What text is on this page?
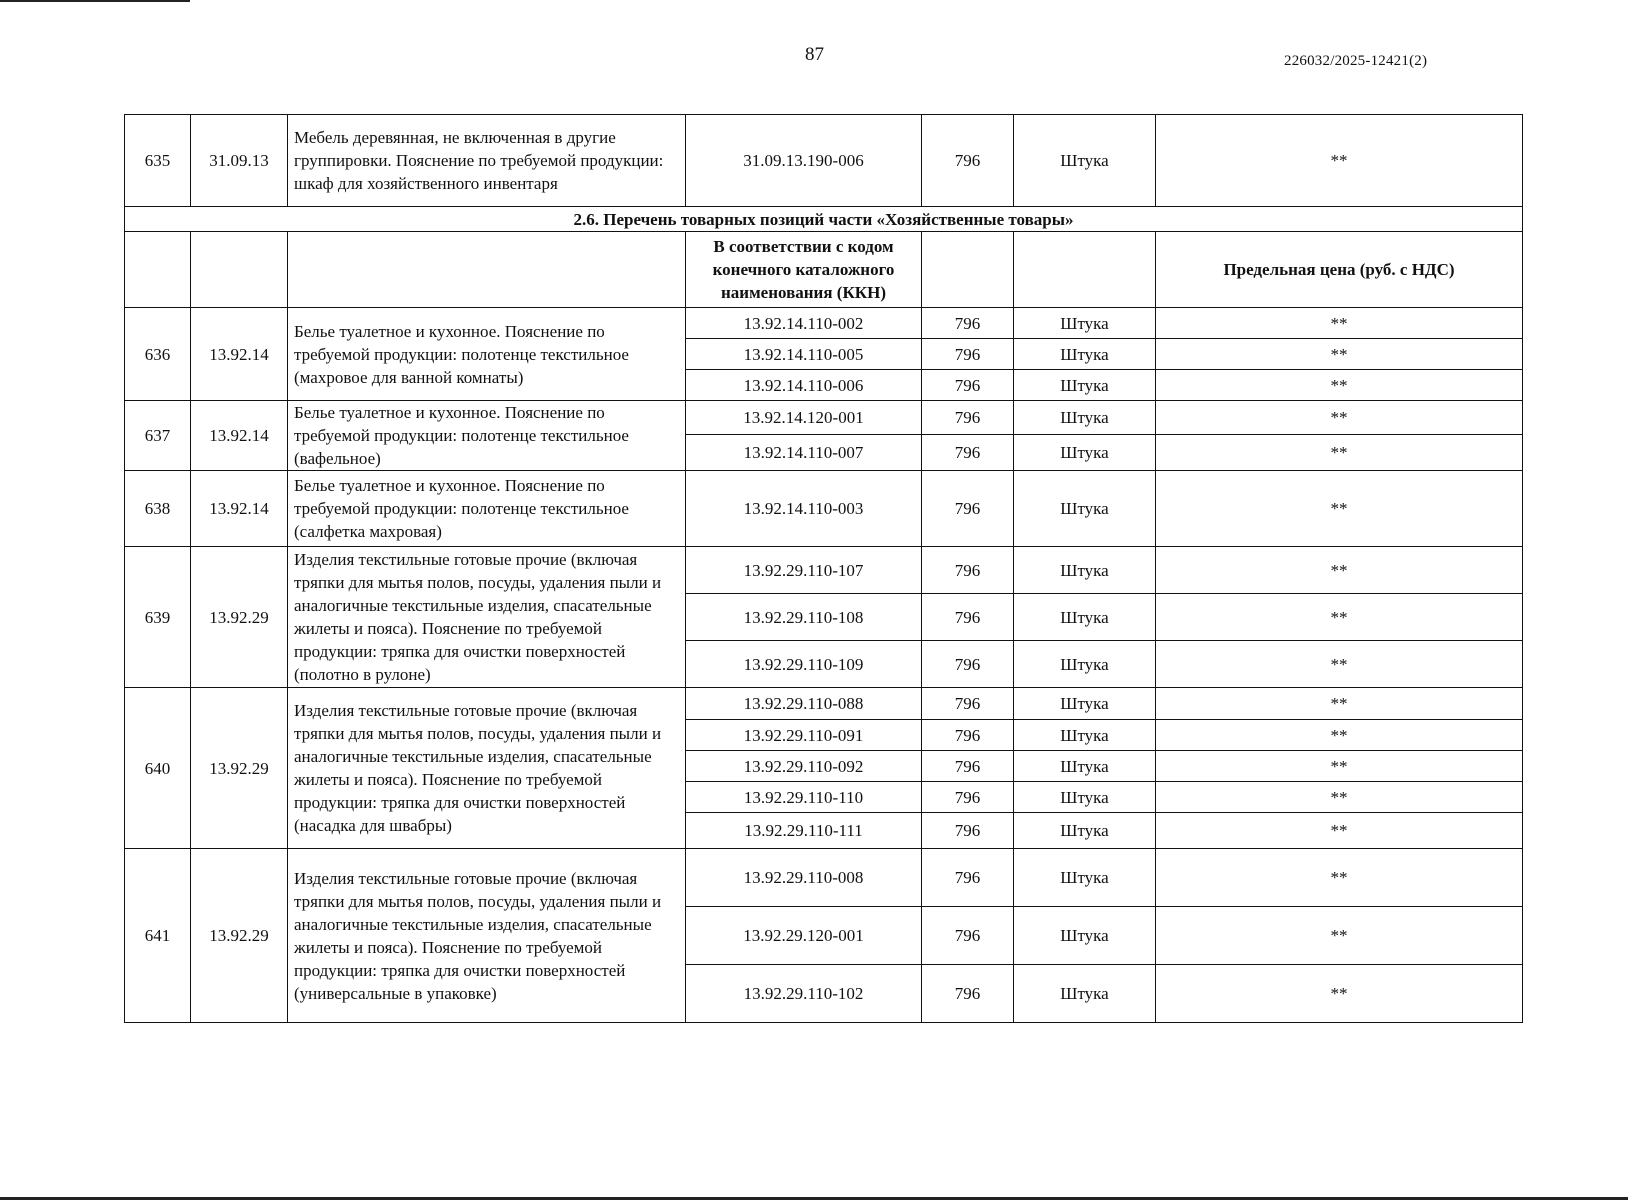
87	226032/2025-12421(2)
635	31.09.13	Мебель деревянная, не включенная в другие группировки. Пояснение по требуемой продукции: шкаф для хозяйственного инвентаря	31.09.13.190-006	796	Штука	**
2.6. Перечень товарных позиций части «Хозяйственные товары»						
			В соответствии с кодом конечного каталожного наименования (ККН)			Предельная цена (руб. с НДС)
636	13.92.14	Белье туалетное и кухонное. Пояснение по требуемой продукции: полотенце текстильное (махровое для ванной комнаты)	13.92.14.110-002	796	Штука	**
			13.92.14.110-005	796	Штука	**
			13.92.14.110-006	796	Штука	**
637	13.92.14	Белье туалетное и кухонное. Пояснение по требуемой продукции: полотенце текстильное (вафельное)	13.92.14.120-001	796	Штука	**
			13.92.14.110-007	796	Штука	**
638	13.92.14	Белье туалетное и кухонное. Пояснение по требуемой продукции: полотенце текстильное (салфетка махровая)	13.92.14.110-003	796	Штука	**
639	13.92.29	Изделия текстильные готовые прочие (включая тряпки для мытья полов, посуды, удаления пыли и аналогичные текстильные изделия, спасательные жилеты и пояса). Пояснение по требуемой продукции: тряпка для очистки поверхностей (полотно в рулоне)	13.92.29.110-107	796	Штука	**
			13.92.29.110-108	796	Штука	**
			13.92.29.110-109	796	Штука	**
640	13.92.29	Изделия текстильные готовые прочие (включая тряпки для мытья полов, посуды, удаления пыли и аналогичные текстильные изделия, спасательные жилеты и пояса). Пояснение по требуемой продукции: тряпка для очистки поверхностей (насадка для швабры)	13.92.29.110-088	796	Штука	**
			13.92.29.110-091	796	Штука	**
			13.92.29.110-092	796	Штука	**
			13.92.29.110-110	796	Штука	**
			13.92.29.110-111	796	Штука	**
641	13.92.29	Изделия текстильные готовые прочие (включая тряпки для мытья полов, посуды, удаления пыли и аналогичные текстильные изделия, спасательные жилеты и пояса). Пояснение по требуемой продукции: тряпка для очистки поверхностей (универсальные в упаковке)	13.92.29.110-008	796	Штука	**
			13.92.29.120-001	796	Штука	**
			13.92.29.110-102	796	Штука	**
